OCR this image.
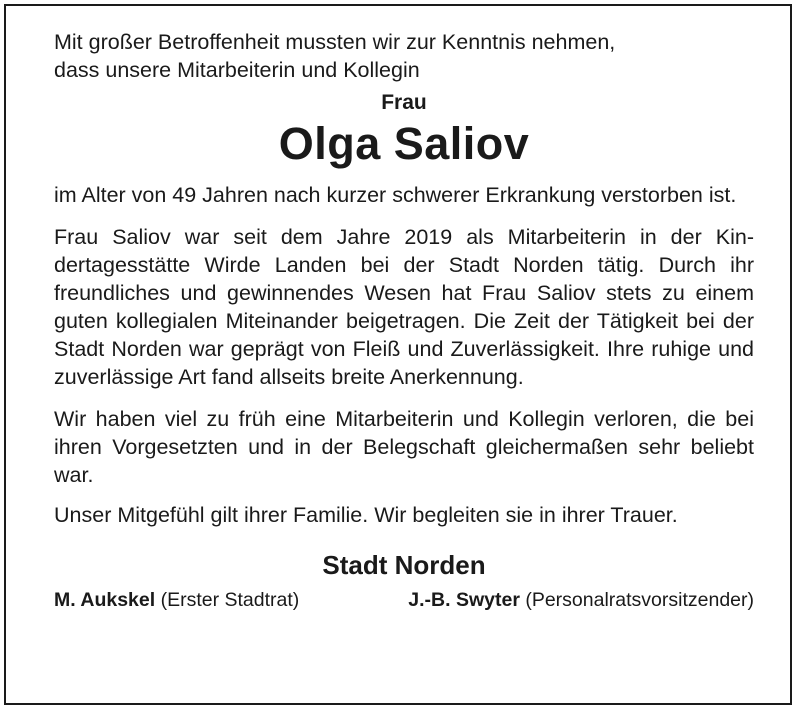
Mit großer Betroffenheit mussten wir zur Kenntnis nehmen,
dass unsere Mitarbeiterin und Kollegin

Frau

Olga Saliov

im Alter von 49 Jahren nach kurzer schwerer Erkrankung verstorben ist.

Frau Saliov war seit dem Jahre 2019 als Mitarbeiterin in der Kindertagesstätte Wirde Landen bei der Stadt Norden tätig. Durch ihr freundliches und gewinnendes Wesen hat Frau Saliov stets zu einem guten kollegialen Miteinander beigetragen. Die Zeit der Tätigkeit bei der Stadt Norden war geprägt von Fleiß und Zuverlässigkeit. Ihre ruhige und zuverlässige Art fand allseits breite Anerkennung.

Wir haben viel zu früh eine Mitarbeiterin und Kollegin verloren, die bei ihren Vorgesetzten und in der Belegschaft gleichermaßen sehr beliebt war.

Unser Mitgefühl gilt ihrer Familie. Wir begleiten sie in ihrer Trauer.

Stadt Norden

M. Aukskel (Erster Stadtrat)	J.-B. Swyter (Personalratsvorsitzender)
